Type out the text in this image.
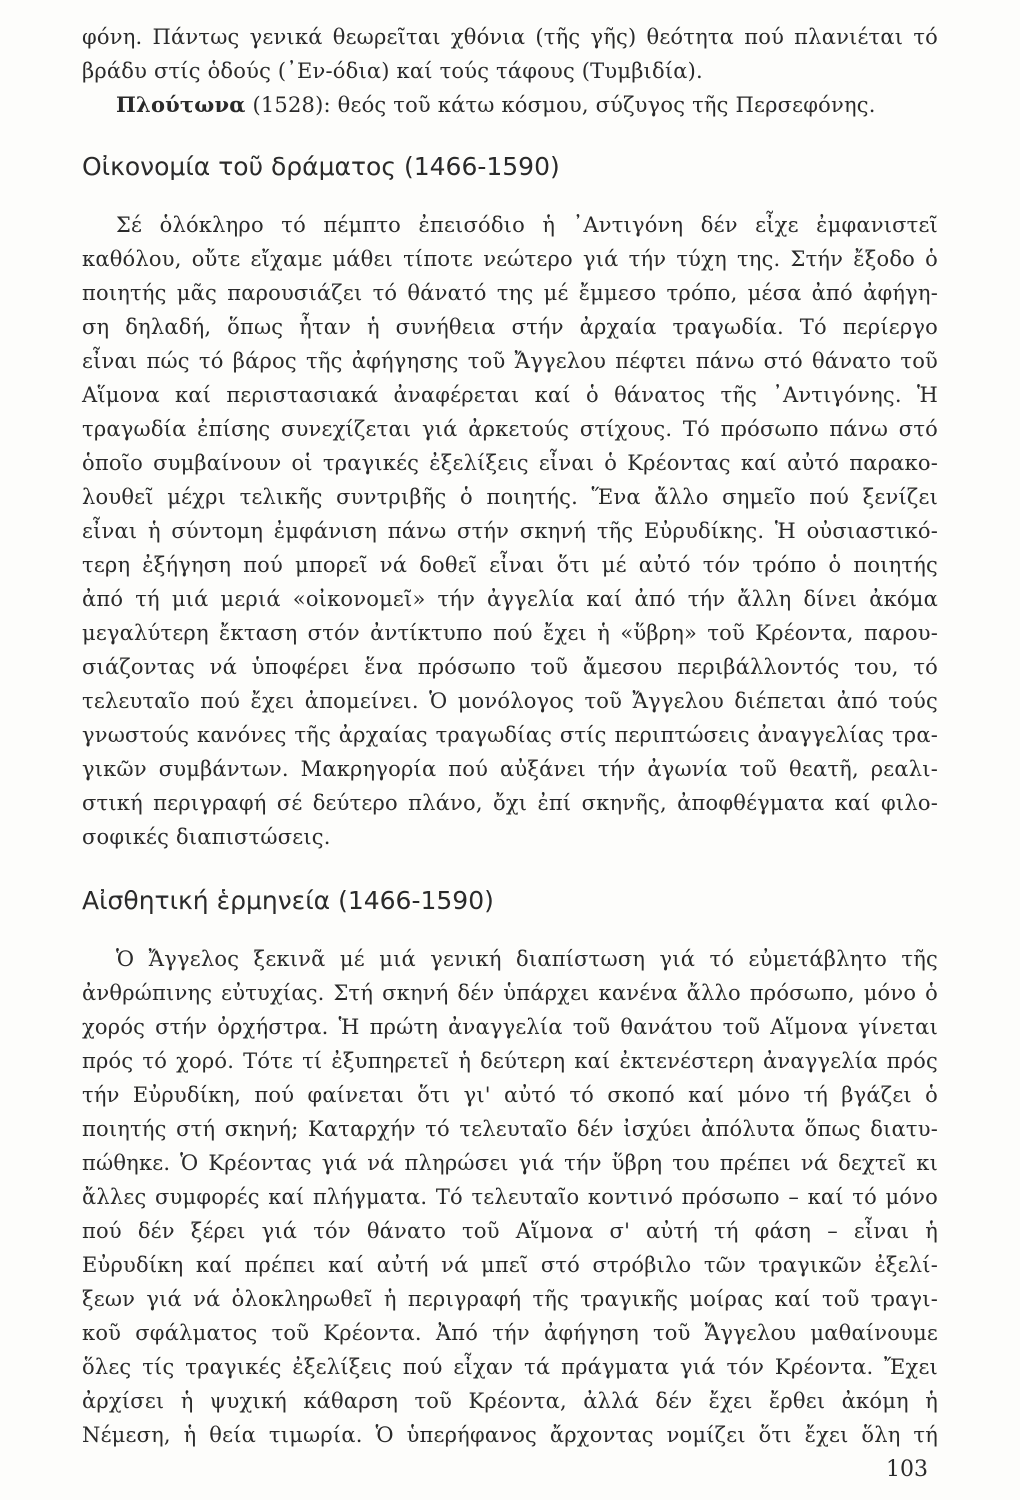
φόνη. Πάντως γενικά θεωρεῖται χθόνια (τῆς γῆς) θεότητα πού πλανιέται τό
βράδυ στίς ὁδούς (᾿Εν-όδια) καί τούς τάφους (Τυμβιδία).
Πλούτωνα (1528): θεός τοῦ κάτω κόσμου, σύζυγος τῆς Περσεφόνης.
Οἰκονομία τοῦ δράματος (1466-1590)
Σέ ὁλόκληρο τό πέμπτο ἐπεισόδιο ἡ ᾿Αντιγόνη δέν εἶχε ἐμφανιστεῖ
καθόλου, οὔτε εἴχαμε μάθει τίποτε νεώτερο γιά τήν τύχη της. Στήν ἔξοδο ὁ
ποιητής μᾶς παρουσιάζει τό θάνατό της μέ ἔμμεσο τρόπο, μέσα ἀπό ἀφήγη-
ση δηλαδή, ὅπως ἦταν ἡ συνήθεια στήν ἀρχαία τραγωδία. Τό περίεργο
εἶναι πώς τό βάρος τῆς ἀφήγησης τοῦ Ἄγγελου πέφτει πάνω στό θάνατο τοῦ
Αἵμονα καί περιστασιακά ἀναφέρεται καί ὁ θάνατος τῆς ᾿Αντιγόνης. Ἡ
τραγωδία ἐπίσης συνεχίζεται γιά ἀρκετούς στίχους. Τό πρόσωπο πάνω στό
ὁποῖο συμβαίνουν οἱ τραγικές ἐξελίξεις εἶναι ὁ Κρέοντας καί αὐτό παρακο-
λουθεῖ μέχρι τελικῆς συντριβῆς ὁ ποιητής. Ἕνα ἄλλο σημεῖο πού ξενίζει
εἶναι ἡ σύντομη ἐμφάνιση πάνω στήν σκηνή τῆς Εὐρυδίκης. Ἡ οὐσιαστικό-
τερη ἐξήγηση πού μπορεῖ νά δοθεῖ εἶναι ὅτι μέ αὐτό τόν τρόπο ὁ ποιητής
ἀπό τή μιά μεριά «οἰκονομεῖ» τήν ἀγγελία καί ἀπό τήν ἄλλη δίνει ἀκόμα
μεγαλύτερη ἔκταση στόν ἀντίκτυπο πού ἔχει ἡ «ὕβρη» τοῦ Κρέοντα, παρου-
σιάζοντας νά ὑποφέρει ἕνα πρόσωπο τοῦ ἄμεσου περιβάλλοντός του, τό
τελευταῖο πού ἔχει ἀπομείνει. Ὁ μονόλογος τοῦ Ἄγγελου διέπεται ἀπό τούς
γνωστούς κανόνες τῆς ἀρχαίας τραγωδίας στίς περιπτώσεις ἀναγγελίας τρα-
γικῶν συμβάντων. Μακρηγορία πού αὐξάνει τήν ἀγωνία τοῦ θεατῆ, ρεαλι-
στική περιγραφή σέ δεύτερο πλάνο, ὄχι ἐπί σκηνῆς, ἀποφθέγματα καί φιλο-
σοφικές διαπιστώσεις.
Αἰσθητική ἑρμηνεία (1466-1590)
Ὁ Ἄγγελος ξεκινᾶ μέ μιά γενική διαπίστωση γιά τό εὐμετάβλητο τῆς
ἀνθρώπινης εὐτυχίας. Στή σκηνή δέν ὑπάρχει κανένα ἄλλο πρόσωπο, μόνο ὁ
χορός στήν ὀρχήστρα. Ἡ πρώτη ἀναγγελία τοῦ θανάτου τοῦ Αἵμονα γίνεται
πρός τό χορό. Τότε τί ἐξυπηρετεῖ ἡ δεύτερη καί ἐκτενέστερη ἀναγγελία πρός
τήν Εὐρυδίκη, πού φαίνεται ὅτι γι' αὐτό τό σκοπό καί μόνο τή βγάζει ὁ
ποιητής στή σκηνή; Καταρχήν τό τελευταῖο δέν ἰσχύει ἀπόλυτα ὅπως διατυ-
πώθηκε. Ὁ Κρέοντας γιά νά πληρώσει γιά τήν ὕβρη του πρέπει νά δεχτεῖ κι
ἄλλες συμφορές καί πλήγματα. Τό τελευταῖο κοντινό πρόσωπο – καί τό μόνο
πού δέν ξέρει γιά τόν θάνατο τοῦ Αἵμονα σ' αὐτή τή φάση – εἶναι ἡ
Εὐρυδίκη καί πρέπει καί αὐτή νά μπεῖ στό στρόβιλο τῶν τραγικῶν ἐξελί-
ξεων γιά νά ὁλοκληρωθεῖ ἡ περιγραφή τῆς τραγικῆς μοίρας καί τοῦ τραγι-
κοῦ σφάλματος τοῦ Κρέοντα. Ἀπό τήν ἀφήγηση τοῦ Ἄγγελου μαθαίνουμε
ὅλες τίς τραγικές ἐξελίξεις πού εἶχαν τά πράγματα γιά τόν Κρέοντα. Ἔχει
ἀρχίσει ἡ ψυχική κάθαρση τοῦ Κρέοντα, ἀλλά δέν ἔχει ἔρθει ἀκόμη ἡ
Νέμεση, ἡ θεία τιμωρία. Ὁ ὑπερήφανος ἄρχοντας νομίζει ὅτι ἔχει ὅλη τή
103
